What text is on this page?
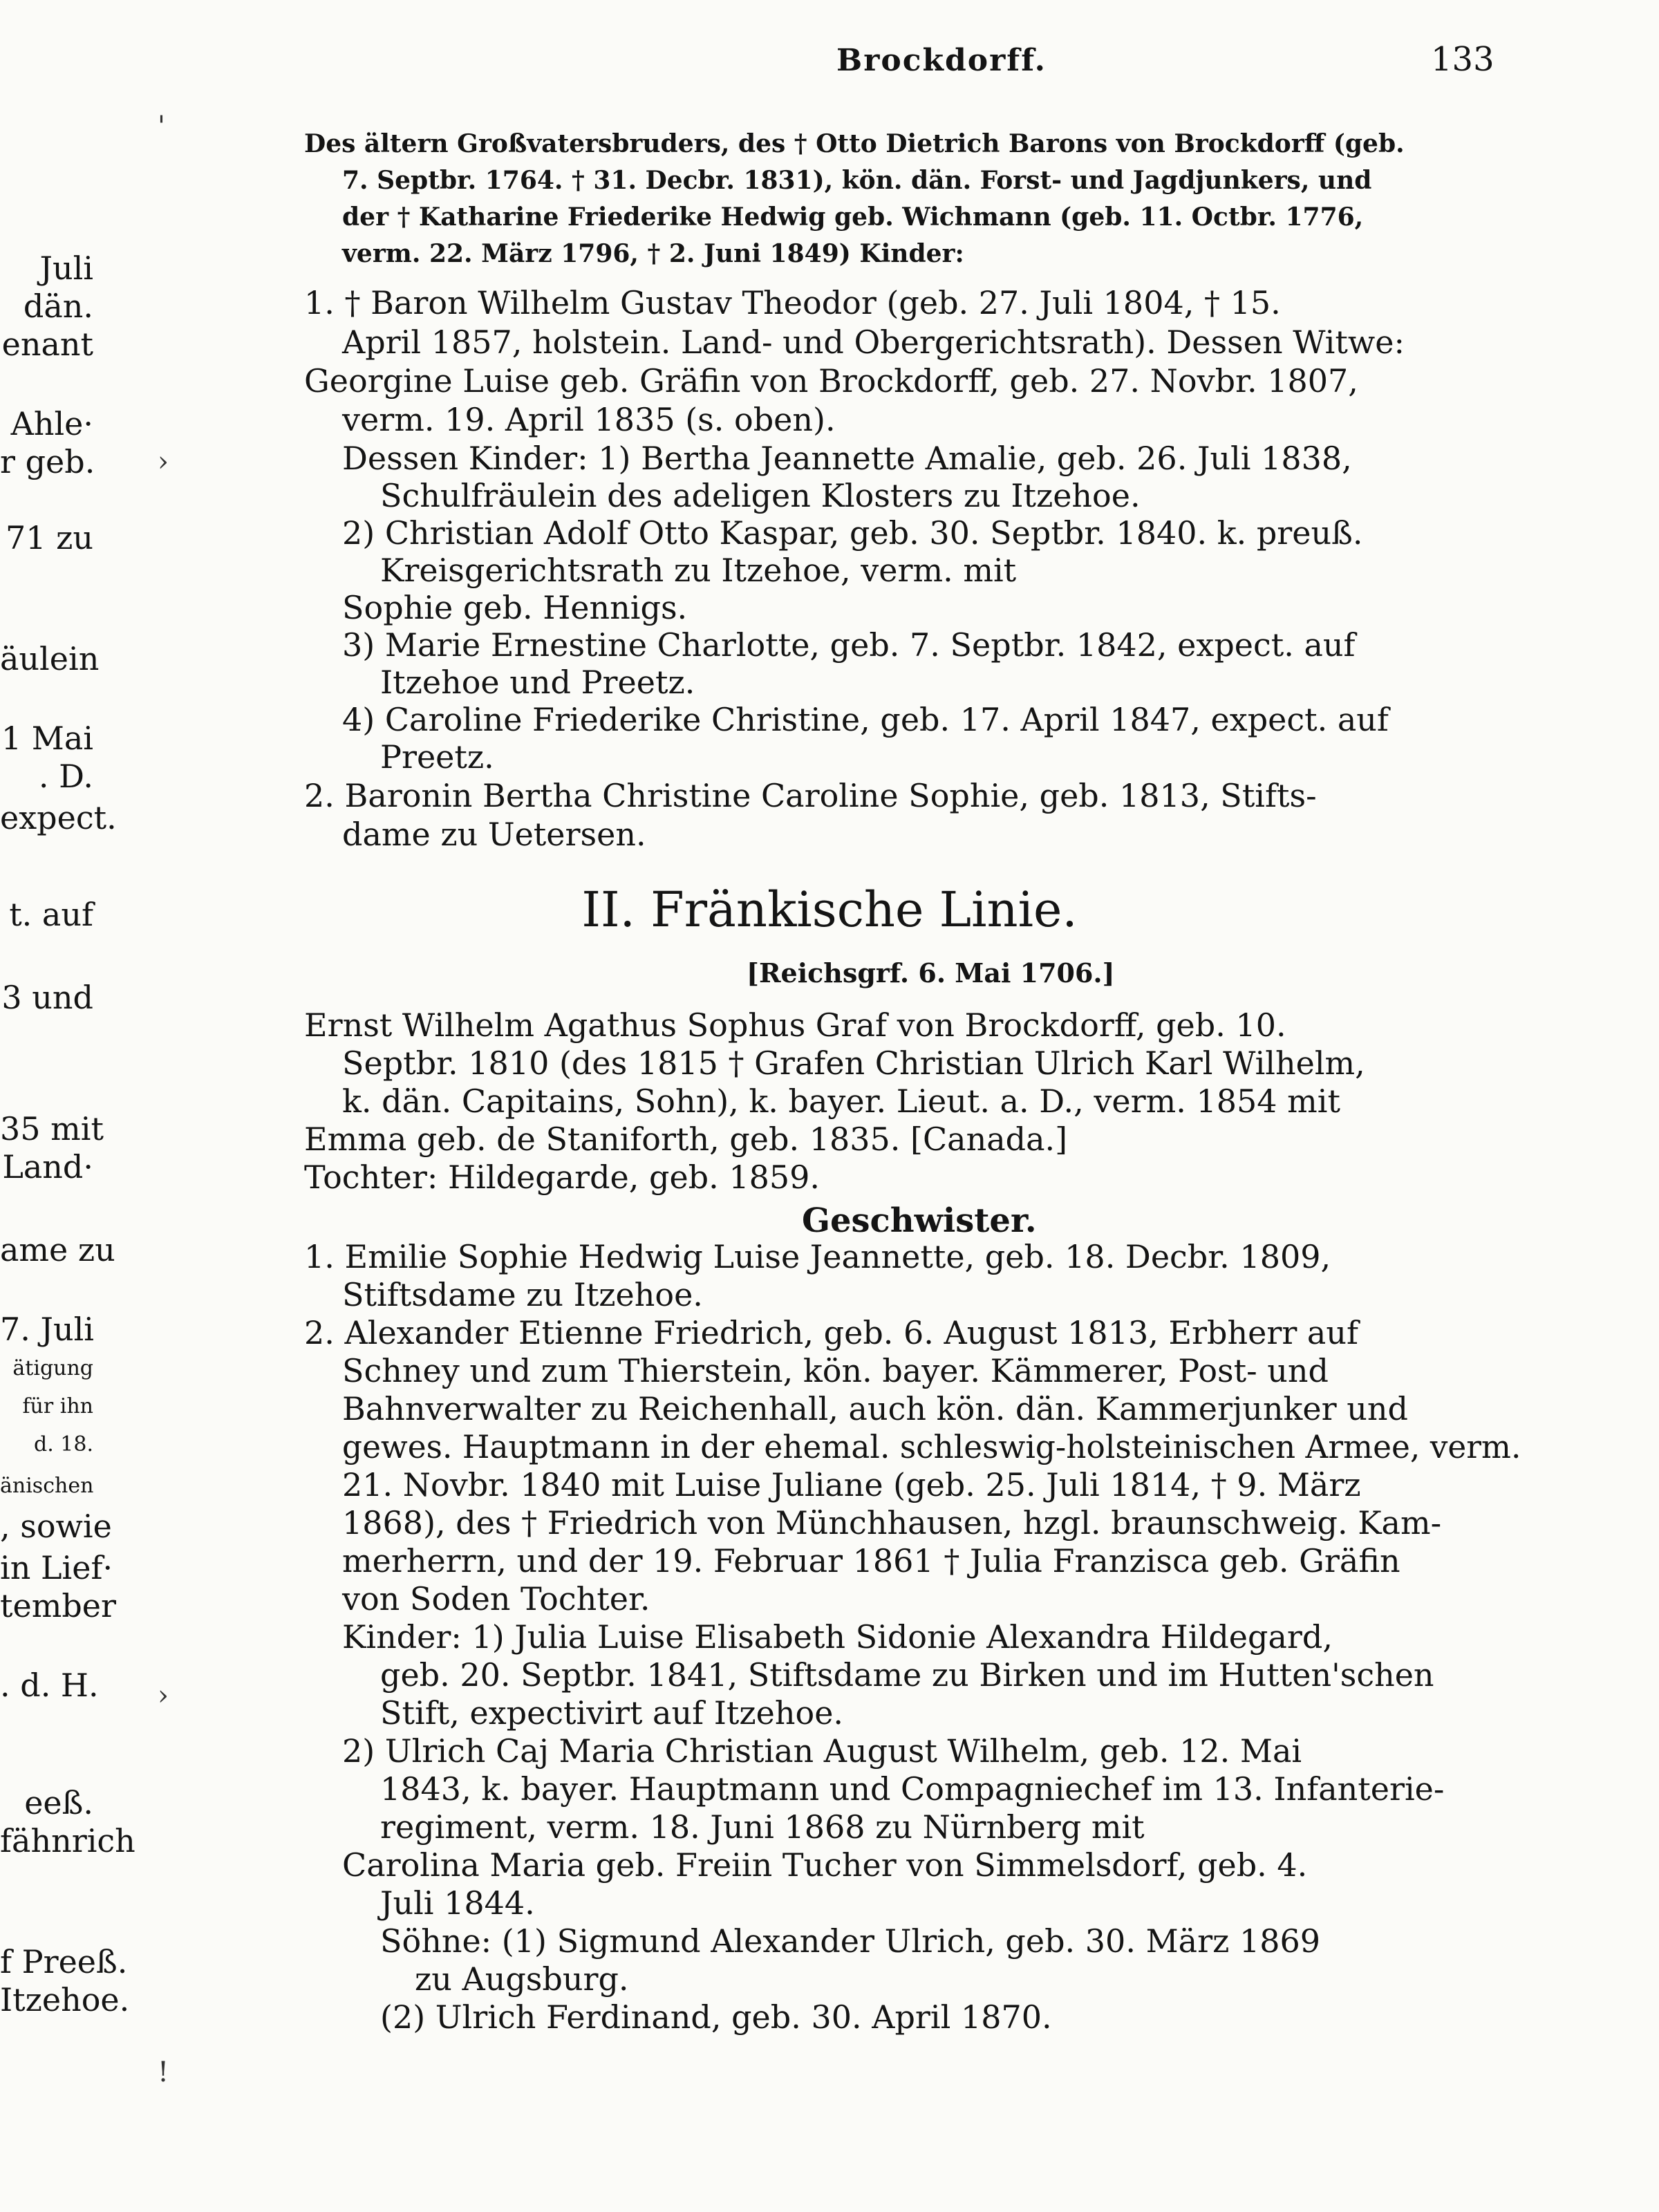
Juli
dän.
enant
Ahle·
r geb.
71 zu
äulein
1 Mai
. D.
expect.
t. auf
3 und
35 mit
Land·
ame zu
7. Juli
ätigung
für ihn
d. 18.
änischen
, sowie
in Lief·
tember
. d. H.
eeß.
fähnrich
f Preeß.
Itzehoe.
'
›
›
!
Brockdorff.	133
Des ältern Großvatersbruders, des † Otto Dietrich Barons von Brockdorff (geb.
7. Septbr. 1764. † 31. Decbr. 1831), kön. dän. Forst- und Jagdjunkers, und
der † Katharine Friederike Hedwig geb. Wichmann (geb. 11. Octbr. 1776,
verm. 22. März 1796, † 2. Juni 1849) Kinder:
1. † Baron Wilhelm Gustav Theodor (geb. 27. Juli 1804, † 15.
April 1857, holstein. Land- und Obergerichtsrath). Dessen Witwe:
Georgine Luise geb. Gräfin von Brockdorff, geb. 27. Novbr. 1807,
verm. 19. April 1835 (s. oben).
Dessen Kinder: 1) Bertha Jeannette Amalie, geb. 26. Juli 1838,
Schulfräulein des adeligen Klosters zu Itzehoe.
2) Christian Adolf Otto Kaspar, geb. 30. Septbr. 1840. k. preuß.
Kreisgerichtsrath zu Itzehoe, verm. mit
Sophie geb. Hennigs.
3) Marie Ernestine Charlotte, geb. 7. Septbr. 1842, expect. auf
Itzehoe und Preetz.
4) Caroline Friederike Christine, geb. 17. April 1847, expect. auf
Preetz.
2. Baronin Bertha Christine Caroline Sophie, geb. 1813, Stifts-
dame zu Uetersen.
II. Fränkische Linie.
[Reichsgrf. 6. Mai 1706.]
Ernst Wilhelm Agathus Sophus Graf von Brockdorff, geb. 10.
Septbr. 1810 (des 1815 † Grafen Christian Ulrich Karl Wilhelm,
k. dän. Capitains, Sohn), k. bayer. Lieut. a. D., verm. 1854 mit
Emma geb. de Staniforth, geb. 1835. [Canada.]
Tochter: Hildegarde, geb. 1859.
Geschwister.
1. Emilie Sophie Hedwig Luise Jeannette, geb. 18. Decbr. 1809,
Stiftsdame zu Itzehoe.
2. Alexander Etienne Friedrich, geb. 6. August 1813, Erbherr auf
Schney und zum Thierstein, kön. bayer. Kämmerer, Post- und
Bahnverwalter zu Reichenhall, auch kön. dän. Kammerjunker und
gewes. Hauptmann in der ehemal. schleswig-holsteinischen Armee, verm.
21. Novbr. 1840 mit Luise Juliane (geb. 25. Juli 1814, † 9. März
1868), des † Friedrich von Münchhausen, hzgl. braunschweig. Kam-
merherrn, und der 19. Februar 1861 † Julia Franzisca geb. Gräfin
von Soden Tochter.
Kinder: 1) Julia Luise Elisabeth Sidonie Alexandra Hildegard,
geb. 20. Septbr. 1841, Stiftsdame zu Birken und im Hutten'schen
Stift, expectivirt auf Itzehoe.
2) Ulrich Caj Maria Christian August Wilhelm, geb. 12. Mai
1843, k. bayer. Hauptmann und Compagniechef im 13. Infanterie-
regiment, verm. 18. Juni 1868 zu Nürnberg mit
Carolina Maria geb. Freiin Tucher von Simmelsdorf, geb. 4.
Juli 1844.
Söhne: (1) Sigmund Alexander Ulrich, geb. 30. März 1869
zu Augsburg.
(2) Ulrich Ferdinand, geb. 30. April 1870.
